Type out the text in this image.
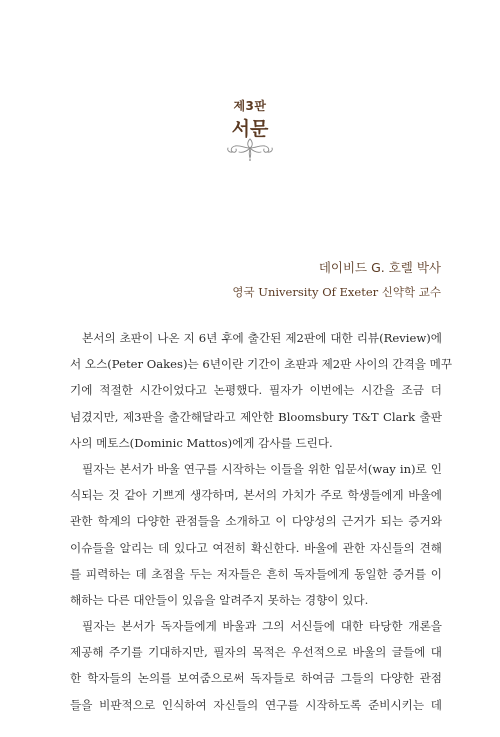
제3판
서문
데이비드 G. 호렐 박사
영국 University Of Exeter 신약학 교수
본서의 초판이 나온 지 6년 후에 출간된 제2판에 대한 리뷰(Review)에
서 오스(Peter Oakes)는 6년이란 기간이 초판과 제2판 사이의 간격을 메꾸
기에 적절한 시간이었다고 논평했다. 필자가 이번에는 시간을 조금 더
넘겼지만, 제3판을 출간해달라고 제안한 Bloomsbury T&T Clark 출판
사의 메토스(Dominic Mattos)에게 감사를 드린다.
필자는 본서가 바울 연구를 시작하는 이들을 위한 입문서(way in)로 인
식되는 것 같아 기쁘게 생각하며, 본서의 가치가 주로 학생들에게 바울에
관한 학계의 다양한 관점들을 소개하고 이 다양성의 근거가 되는 증거와
이슈들을 알리는 데 있다고 여전히 확신한다. 바울에 관한 자신들의 견해
를 피력하는 데 초점을 두는 저자들은 흔히 독자들에게 동일한 증거를 이
해하는 다른 대안들이 있음을 알려주지 못하는 경향이 있다.
필자는 본서가 독자들에게 바울과 그의 서신들에 대한 타당한 개론을
제공해 주기를 기대하지만, 필자의 목적은 우선적으로 바울의 글들에 대
한 학자들의 논의를 보여줌으로써 독자들로 하여금 그들의 다양한 관점
들을 비판적으로 인식하여 자신들의 연구를 시작하도록 준비시키는 데
